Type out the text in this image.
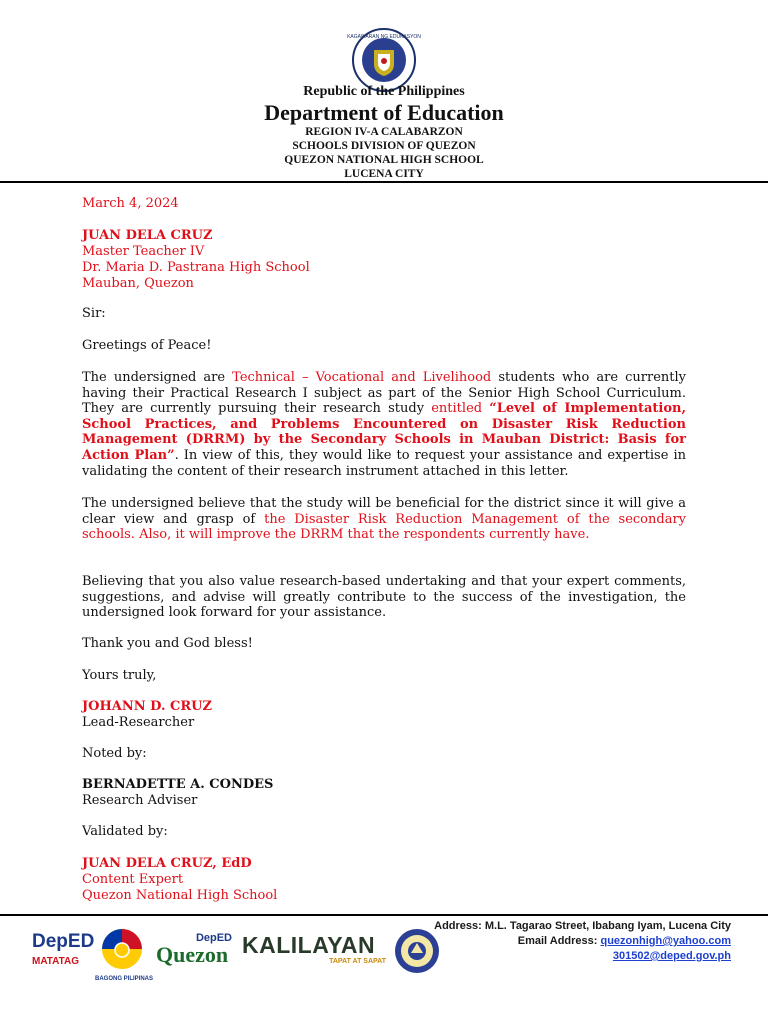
KAGAWARAN NG EDUKASYON
Republic of the Philippines
Department of Education
REGION IV-A CALABARZON
SCHOOLS DIVISION OF QUEZON
QUEZON NATIONAL HIGH SCHOOL
LUCENA CITY
March 4, 2024
JUAN DELA CRUZ
Master Teacher IV
Dr. Maria D. Pastrana High School
Mauban, Quezon
Sir:
Greetings of Peace!
The undersigned are Technical – Vocational and Livelihood students who are currently having their Practical Research I subject as part of the Senior High School Curriculum. They are currently pursuing their research study entitled “Level of Implementation, School Practices, and Problems Encountered on Disaster Risk Reduction Management (DRRM) by the Secondary Schools in Mauban District: Basis for Action Plan”. In view of this, they would like to request your assistance and expertise in validating the content of their research instrument attached in this letter.
The undersigned believe that the study will be beneficial for the district since it will give a clear view and grasp of the Disaster Risk Reduction Management of the secondary schools. Also, it will improve the DRRM that the respondents currently have.
Believing that you also value research-based undertaking and that your expert comments, suggestions, and advise will greatly contribute to the success of the investigation, the undersigned look forward for your assistance.
Thank you and God bless!
Yours truly,
JOHANN D. CRUZ
Lead-Researcher
Noted by:
BERNADETTE A. CONDES
Research Adviser
Validated by:
JUAN DELA CRUZ, EdD
Content Expert
Quezon National High School
DepED
MATATAG
BAGONG PILIPINAS
DepED
Quezon KALILAYAN
TAPAT AT SAPAT
Address: M.L. Tagarao Street, Ibabang Iyam, Lucena City
Email Address: quezonhigh@yahoo.com
301502@deped.gov.ph
